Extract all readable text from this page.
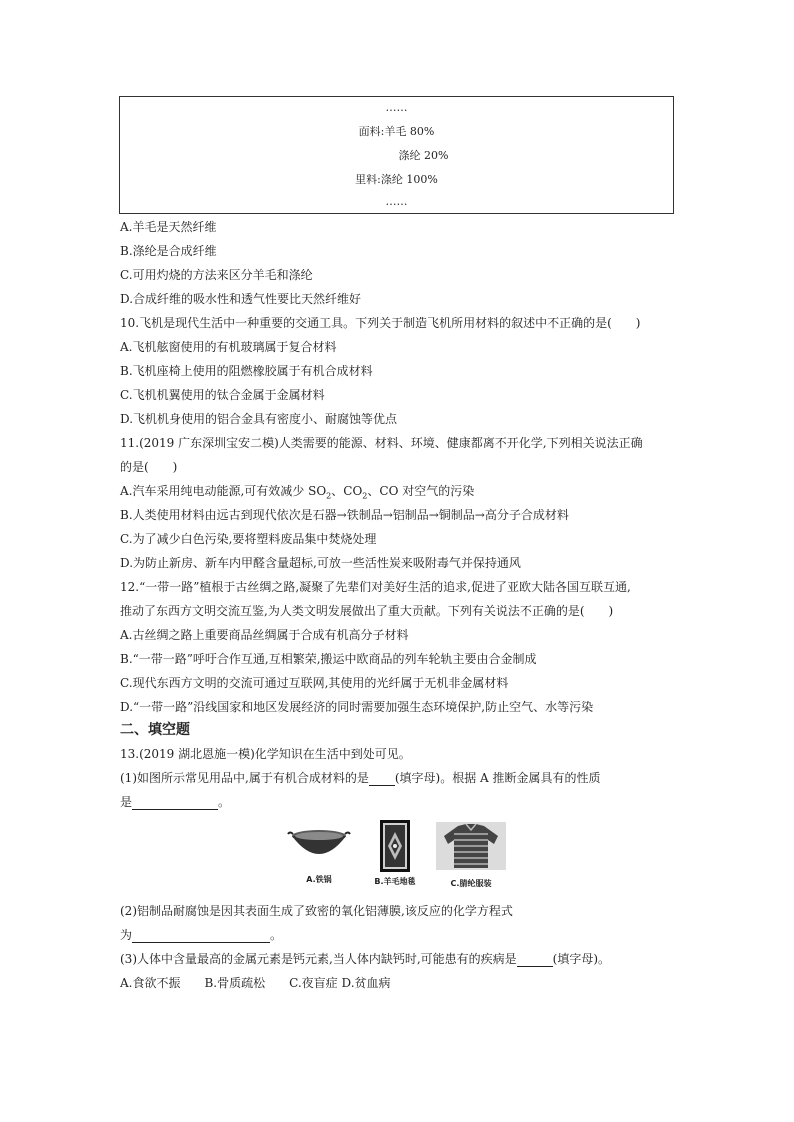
……
面料:羊毛 80%
涤纶 20%
里料:涤纶 100%
……
A.羊毛是天然纤维
B.涤纶是合成纤维
C.可用灼烧的方法来区分羊毛和涤纶
D.合成纤维的吸水性和透气性要比天然纤维好
10.飞机是现代生活中一种重要的交通工具。下列关于制造飞机所用材料的叙述中不正确的是(　　)
A.飞机舷窗使用的有机玻璃属于复合材料
B.飞机座椅上使用的阻燃橡胶属于有机合成材料
C.飞机机翼使用的钛合金属于金属材料
D.飞机机身使用的铝合金具有密度小、耐腐蚀等优点
11.(2019 广东深圳宝安二模)人类需要的能源、材料、环境、健康都离不开化学,下列相关说法正确
的是(　　)
A.汽车采用纯电动能源,可有效减少 $SO_2$、$CO_2$、CO 对空气的污染
B.人类使用材料由远古到现代依次是石器→铁制品→铝制品→铜制品→高分子合成材料
C.为了减少白色污染,要将塑料废品集中焚烧处理
D.为防止新房、新车内甲醛含量超标,可放一些活性炭来吸附毒气并保持通风
12.“一带一路”植根于古丝绸之路,凝聚了先辈们对美好生活的追求,促进了亚欧大陆各国互联互通,
推动了东西方文明交流互鉴,为人类文明发展做出了重大贡献。下列有关说法不正确的是(　　)
A.古丝绸之路上重要商品丝绸属于合成有机高分子材料
B.“一带一路”呼吁合作互通,互相繁荣,搬运中欧商品的列车轮轨主要由合金制成
C.现代东西方文明的交流可通过互联网,其使用的光纤属于无机非金属材料
D.“一带一路”沿线国家和地区发展经济的同时需要加强生态环境保护,防止空气、水等污染
二、填空题
13.(2019 湖北恩施一模)化学知识在生活中到处可见。
(1)如图所示常见用品中,属于有机合成材料的是 (填字母)。根据 A 推断金属具有的性质
是	。
A.铁锅	B.羊毛地毯	C.腈纶服装
(2)铝制品耐腐蚀是因其表面生成了致密的氧化铝薄膜,该反应的化学方程式
为	。
(3)人体中含量最高的金属元素是钙元素,当人体内缺钙时,可能患有的疾病是	(填字母)。
A.食欲不振　　B.骨质疏松　　C.夜盲症 D.贫血病
